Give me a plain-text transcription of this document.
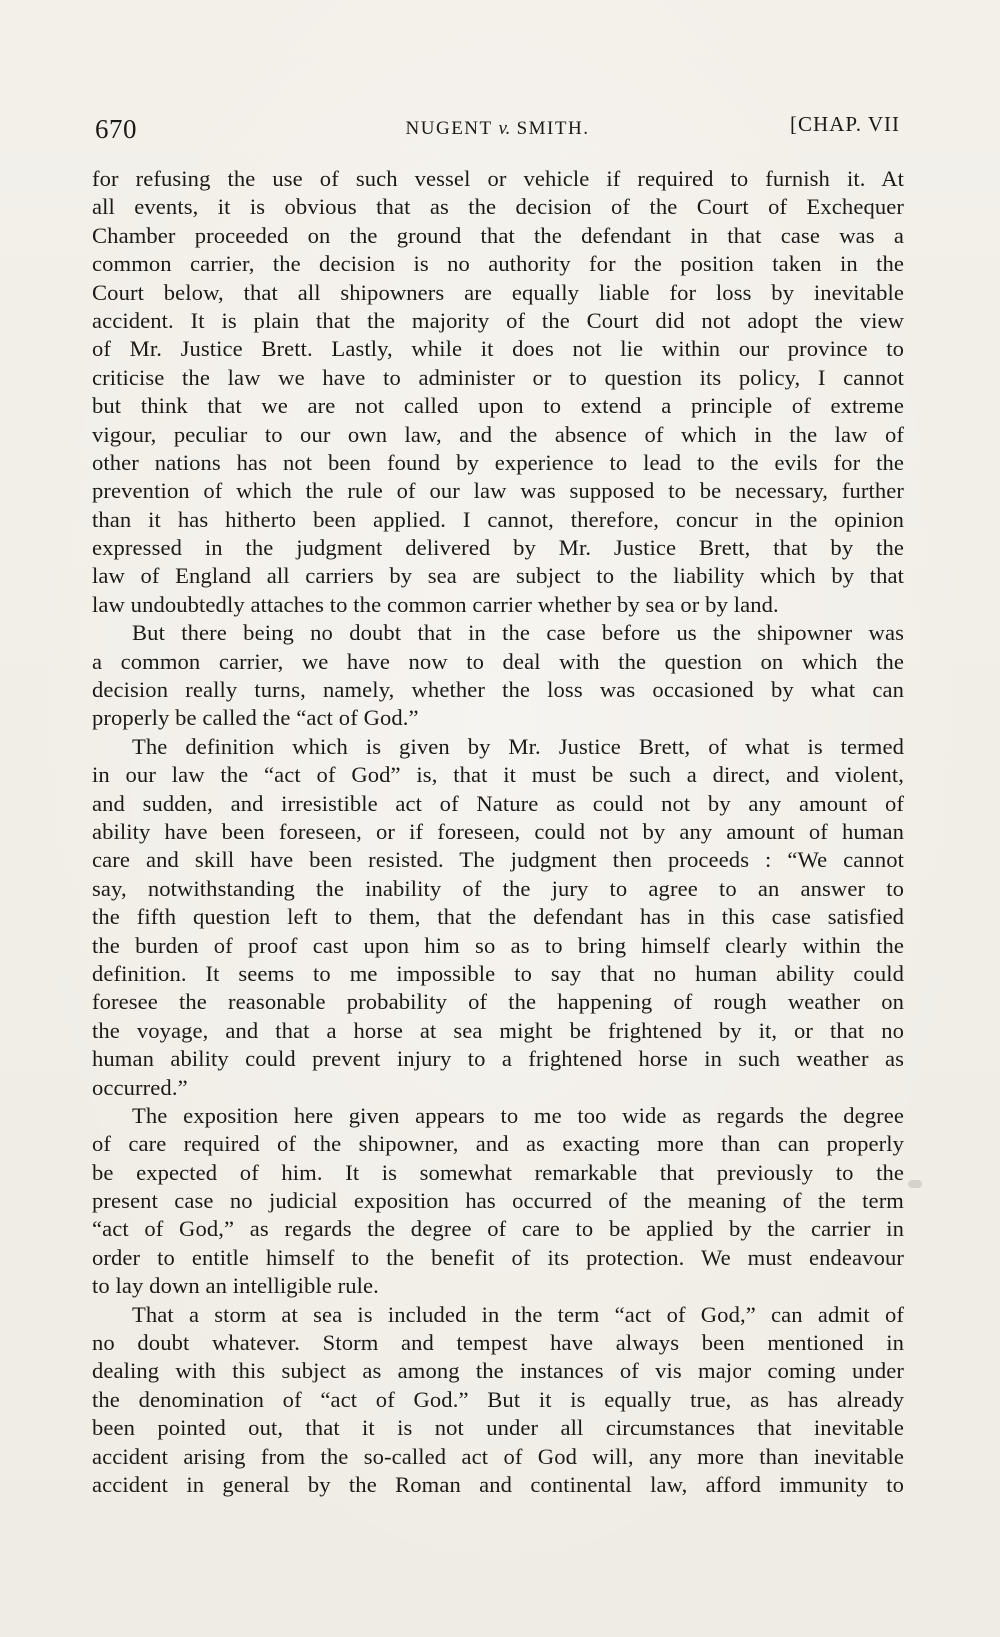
670	NUGENT v. SMITH.	[CHAP. VII
for refusing the use of such vessel or vehicle if required to furnish it. At
all events, it is obvious that as the decision of the Court of Exchequer
Chamber proceeded on the ground that the defendant in that case was a
common carrier, the decision is no authority for the position taken in the
Court below, that all shipowners are equally liable for loss by inevitable
accident. It is plain that the majority of the Court did not adopt the view
of Mr. Justice Brett. Lastly, while it does not lie within our province to
criticise the law we have to administer or to question its policy, I cannot
but think that we are not called upon to extend a principle of extreme
vigour, peculiar to our own law, and the absence of which in the law of
other nations has not been found by experience to lead to the evils for the
prevention of which the rule of our law was supposed to be necessary, further
than it has hitherto been applied. I cannot, therefore, concur in the opinion
expressed in the judgment delivered by Mr. Justice Brett, that by the
law of England all carriers by sea are subject to the liability which by that
law undoubtedly attaches to the common carrier whether by sea or by land.
But there being no doubt that in the case before us the shipowner was
a common carrier, we have now to deal with the question on which the
decision really turns, namely, whether the loss was occasioned by what can
properly be called the “act of God.”
The definition which is given by Mr. Justice Brett, of what is termed
in our law the “act of God” is, that it must be such a direct, and violent,
and sudden, and irresistible act of Nature as could not by any amount of
ability have been foreseen, or if foreseen, could not by any amount of human
care and skill have been resisted. The judgment then proceeds : “We cannot
say, notwithstanding the inability of the jury to agree to an answer to
the fifth question left to them, that the defendant has in this case satisfied
the burden of proof cast upon him so as to bring himself clearly within the
definition. It seems to me impossible to say that no human ability could
foresee the reasonable probability of the happening of rough weather on
the voyage, and that a horse at sea might be frightened by it, or that no
human ability could prevent injury to a frightened horse in such weather as
occurred.”
The exposition here given appears to me too wide as regards the degree
of care required of the shipowner, and as exacting more than can properly
be expected of him. It is somewhat remarkable that previously to the
present case no judicial exposition has occurred of the meaning of the term
“act of God,” as regards the degree of care to be applied by the carrier in
order to entitle himself to the benefit of its protection. We must endeavour
to lay down an intelligible rule.
That a storm at sea is included in the term “act of God,” can admit of
no doubt whatever. Storm and tempest have always been mentioned in
dealing with this subject as among the instances of vis major coming under
the denomination of “act of God.” But it is equally true, as has already
been pointed out, that it is not under all circumstances that inevitable
accident arising from the so-called act of God will, any more than inevitable
accident in general by the Roman and continental law, afford immunity to
